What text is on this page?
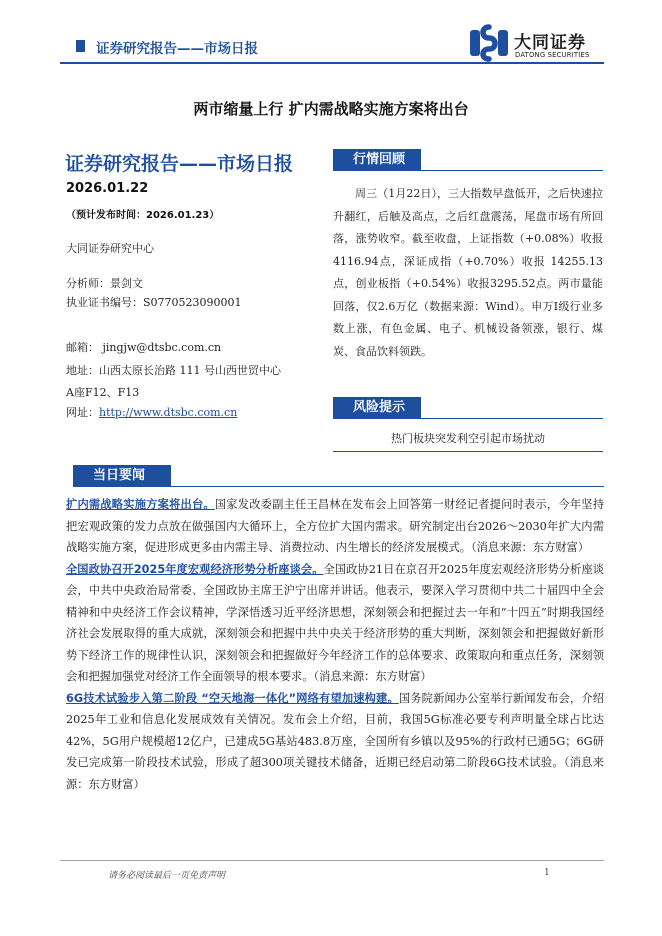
证券研究报告——市场日报	大同证券
DATONG SECURITIES
两市缩量上行 扩内需战略实施方案将出台
证券研究报告——市场日报
2026.01.22
（预计发布时间：2026.01.23）
大同证券研究中心
分析师：景剑文
执业证书编号：S0770523090001
邮箱： jingjw@dtsbc.com.cn
地址：山西太原长治路 111 号山西世贸中心
A座F12、F13
网址：http://www.dtsbc.com.cn
行情回顾
周三（1月22日），三大指数早盘低开，之后快速拉升翻红，后触及高点，之后红盘震荡，尾盘市场有所回落，涨势收窄。截至收盘，上证指数（+0.08%）收报4116.94点，深证成指（+0.70%）收报 14255.13 点，创业板指（+0.54%）收报3295.52点。两市量能回落，仅2.6万亿（数据来源：Wind）。申万Ⅰ级行业多数上涨，有色金属、电子、机械设备领涨，银行、煤炭、食品饮料领跌。
风险提示
热门板块突发利空引起市场扰动
当日要闻

扩内需战略实施方案将出台。国家发改委副主任王昌林在发布会上回答第一财经记者提问时表示，今年坚持把宏观政策的发力点放在做强国内大循环上，全方位扩大国内需求。研究制定出台2026～2030年扩大内需战略实施方案，促进形成更多由内需主导、消费拉动、内生增长的经济发展模式。（消息来源：东方财富）

全国政协召开2025年度宏观经济形势分析座谈会。全国政协21日在京召开2025年度宏观经济形势分析座谈会，中共中央政治局常委、全国政协主席王沪宁出席并讲话。他表示，要深入学习贯彻中共二十届四中全会精神和中央经济工作会议精神，学深悟透习近平经济思想，深刻领会和把握过去一年和“十四五”时期我国经济社会发展取得的重大成就，深刻领会和把握中共中央关于经济形势的重大判断，深刻领会和把握做好新形势下经济工作的规律性认识，深刻领会和把握做好今年经济工作的总体要求、政策取向和重点任务，深刻领会和把握加强党对经济工作全面领导的根本要求。（消息来源：东方财富）

6G技术试验步入第二阶段 “空天地海一体化”网络有望加速构建。国务院新闻办公室举行新闻发布会，介绍2025年工业和信息化发展成效有关情况。发布会上介绍，目前，我国5G标准必要专利声明量全球占比达42%，5G用户规模超12亿户，已建成5G基站483.8万座，全国所有乡镇以及95%的行政村已通5G；6G研发已完成第一阶段技术试验，形成了超300项关键技术储备，近期已经启动第二阶段6G技术试验。（消息来源：东方财富）

请务必阅读最后一页免责声明	1
